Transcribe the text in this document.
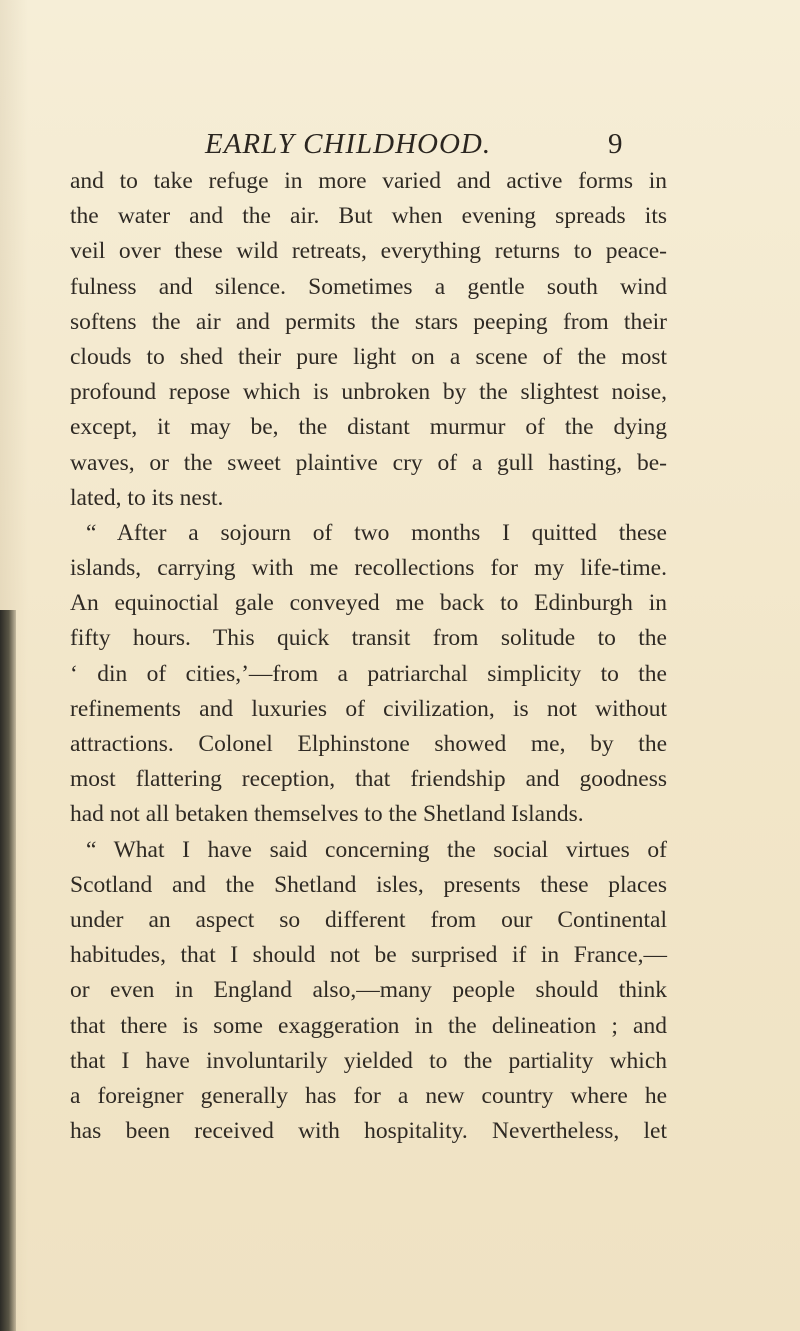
EARLY CHILDHOOD.	9
and to take refuge in more varied and active forms in
the water and the air. But when evening spreads its
veil over these wild retreats, everything returns to peace-
fulness and silence. Sometimes a gentle south wind
softens the air and permits the stars peeping from their
clouds to shed their pure light on a scene of the most
profound repose which is unbroken by the slightest noise,
except, it may be, the distant murmur of the dying
waves, or the sweet plaintive cry of a gull hasting, be-
lated, to its nest.
“ After a sojourn of two months I quitted these
islands, carrying with me recollections for my life-time.
An equinoctial gale conveyed me back to Edinburgh in
fifty hours. This quick transit from solitude to the
‘ din of cities,’—from a patriarchal simplicity to the
refinements and luxuries of civilization, is not without
attractions. Colonel Elphinstone showed me, by the
most flattering reception, that friendship and goodness
had not all betaken themselves to the Shetland Islands.
“ What I have said concerning the social virtues of
Scotland and the Shetland isles, presents these places
under an aspect so different from our Continental
habitudes, that I should not be surprised if in France,—
or even in England also,—many people should think
that there is some exaggeration in the delineation ; and
that I have involuntarily yielded to the partiality which
a foreigner generally has for a new country where he
has been received with hospitality. Nevertheless, let
